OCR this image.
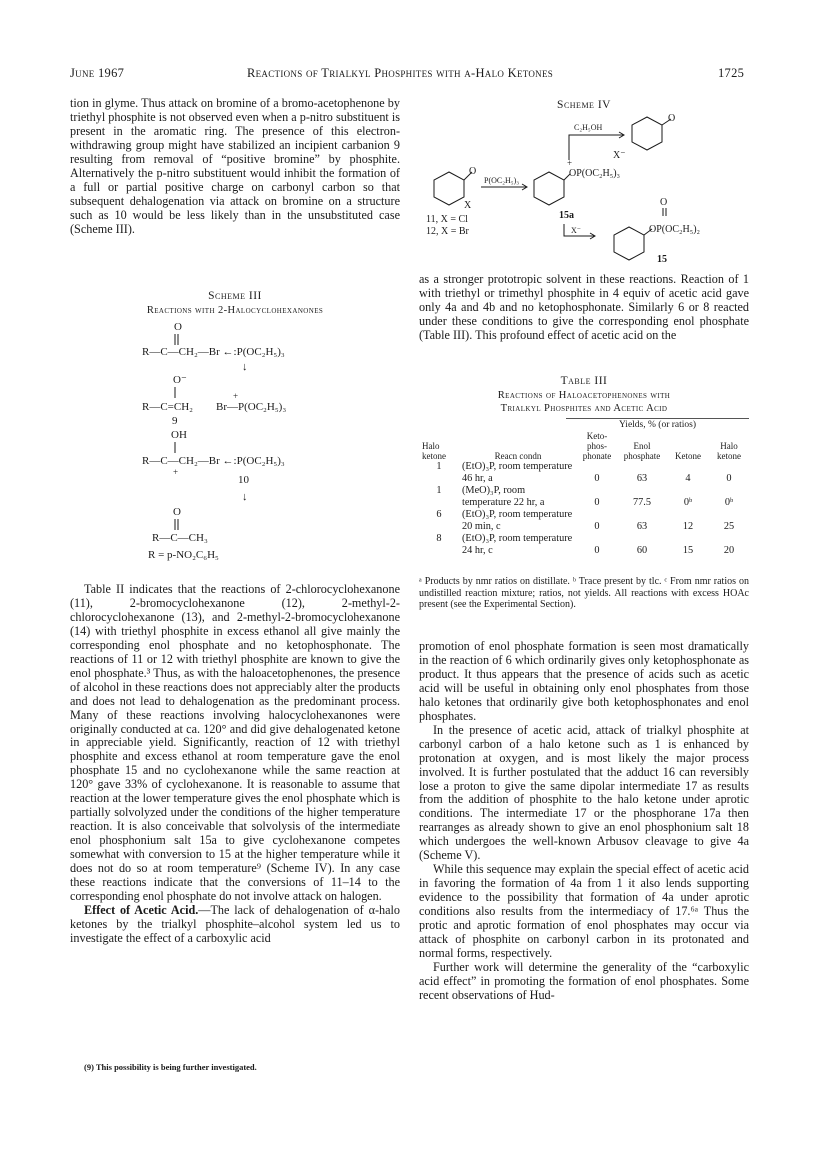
June 1967	Reactions of Trialkyl Phosphites with α-Halo Ketones	1725

tion in glyme. Thus attack on bromine of a bromo-acetophenone by triethyl phosphite is not observed even when a p-nitro substituent is present in the aromatic ring. The presence of this electron-withdrawing group might have stabilized an incipient carbanion 9 resulting from removal of “positive bromine” by phosphite. Alternatively the p-nitro substituent would inhibit the formation of a full or partial positive charge on carbonyl carbon so that subsequent dehalogenation via attack on bromine on a structure such as 10 would be less likely than in the unsubstituted case (Scheme III).

Scheme III
Reactions with 2-Halocyclohexanones
O
R—C—CH₂—Br ←:P(OC₂H₅)₃
↓
O⁻
R—C=CH₂
+
Br—P(OC₂H₅)₃
9
OH
R—C—CH₂—Br ←:P(OC₂H₅)₃
+
10
↓
O
R—C—CH₃
R = p-NO₂C₆H₅

Table II indicates that the reactions of 2-chlorocyclohexanone (11), 2-bromocyclohexanone (12), 2-methyl-2-chlorocyclohexanone (13), and 2-methyl-2-bromocyclohexanone (14) with triethyl phosphite in excess ethanol all give mainly the corresponding enol phosphate and no ketophosphonate. The reactions of 11 or 12 with triethyl phosphite are known to give the enol phosphate.³ Thus, as with the haloacetophenones, the presence of alcohol in these reactions does not appreciably alter the products and does not lead to dehalogenation as the predominant process. Many of these reactions involving halocyclohexanones were originally conducted at ca. 120° and did give dehalogenated ketone in appreciable yield. Significantly, reaction of 12 with triethyl phosphite and excess ethanol at room temperature gave the enol phosphate 15 and no cyclohexanone while the same reaction at 120° gave 33% of cyclohexanone. It is reasonable to assume that reaction at the lower temperature gives the enol phosphate which is partially solvolyzed under the conditions of the higher temperature reaction. It is also conceivable that solvolysis of the intermediate enol phosphonium salt 15a to give cyclohexanone competes somewhat with conversion to 15 at the higher temperature while it does not do so at room temperature⁹ (Scheme IV). In any case these reactions indicate that the conversions of 11–14 to the corresponding enol phosphate do not involve attack on halogen.

Effect of Acetic Acid.—The lack of dehalogenation of α-halo ketones by the trialkyl phosphite–alcohol system led us to investigate the effect of a carboxylic acid

(9) This possibility is being further investigated.
Scheme IV
O
X
11, X = Cl
12, X = Br
P(OC₂H₅)₃
C₂H₅OH
X⁻
+
OP(OC₂H₅)₃
O
15a
X⁻
O
OP(OC₂H₅)₂
15

as a stronger prototropic solvent in these reactions. Reaction of 1 with triethyl or trimethyl phosphite in 4 equiv of acetic acid gave only 4a and 4b and no ketophosphonate. Similarly 6 or 8 reacted under these conditions to give the corresponding enol phosphate (Table III). This profound effect of acetic acid on the

Table III
Reactions of Haloacetophenones with
Trialkyl Phosphites and Acetic Acid
Yields, % (or ratios)
Halo ketone	Reacn condn	Keto-phos-phonate	Enol phosphate	Ketone	Halo ketone
1	(EtO)₃P, room temperature 46 hr, a	0	63	4	0
1	(MeO)₃P, room temperature 22 hr, a	0	77.5	0ᵇ	0ᵇ
6	(EtO)₃P, room temperature 20 min, c	0	63	12	25
8	(EtO)₃P, room temperature 24 hr, c	0	60	15	20
ᵃ Products by nmr ratios on distillate. ᵇ Trace present by tlc. ᶜ From nmr ratios on undistilled reaction mixture; ratios, not yields. All reactions with excess HOAc present (see the Experimental Section).

promotion of enol phosphate formation is seen most dramatically in the reaction of 6 which ordinarily gives only ketophosphonate as product. It thus appears that the presence of acids such as acetic acid will be useful in obtaining only enol phosphates from those halo ketones that ordinarily give both ketophosphonates and enol phosphates.

In the presence of acetic acid, attack of trialkyl phosphite at carbonyl carbon of a halo ketone such as 1 is enhanced by protonation at oxygen, and is most likely the major process involved. It is further postulated that the adduct 16 can reversibly lose a proton to give the same dipolar intermediate 17 as results from the addition of phosphite to the halo ketone under aprotic conditions. The intermediate 17 or the phosphorane 17a then rearranges as already shown to give an enol phosphonium salt 18 which undergoes the well-known Arbusov cleavage to give 4a (Scheme V).

While this sequence may explain the special effect of acetic acid in favoring the formation of 4a from 1 it also lends supporting evidence to the possibility that formation of 4a under aprotic conditions also results from the intermediacy of 17.⁶ᵃ Thus the protic and aprotic formation of enol phosphates may occur via attack of phosphite on carbonyl carbon in its protonated and normal forms, respectively.

Further work will determine the generality of the “carboxylic acid effect” in promoting the formation of enol phosphates. Some recent observations of Hud-
